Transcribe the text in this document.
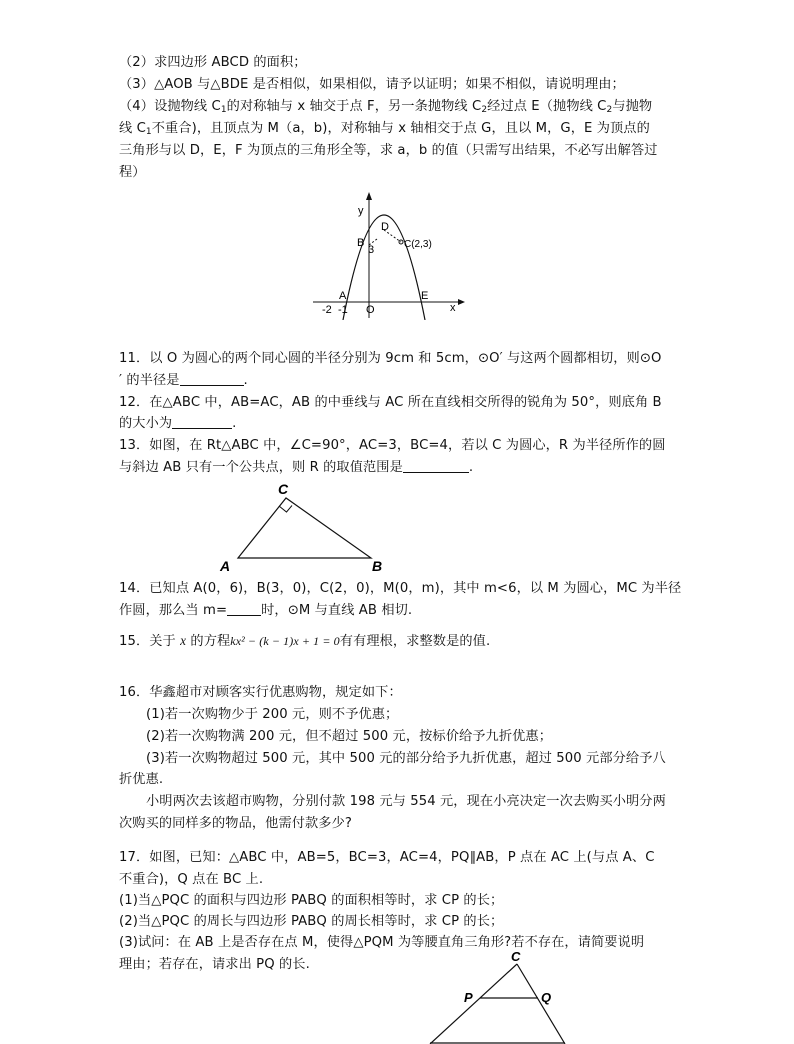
（2）求四边形 ABCD 的面积；
（3）△AOB 与△BDE 是否相似，如果相似，请予以证明；如果不相似，请说明理由；
（4）设抛物线 $C_1$的对称轴与 x 轴交于点 F，另一条抛物线 $C_2$经过点 E（抛物线 $C_2$与抛物
线 $C_1$不重合)，且顶点为 M（a，b)，对称轴与 x 轴相交于点 G，且以 M，G，E 为顶点的
三角形与以 D，E，F 为顶点的三角形全等，求 a，b 的值（只需写出结果，不必写出解答过
程）
y
x
D
B
3	C(2,3)
A
-2 -1 O
E
11．以 O 为圆心的两个同心圆的半径分别为 9cm 和 5cm，⊙O′ 与这两个圆都相切，则⊙O
′ 的半径是	.
12．在△ABC 中，AB=AC，AB 的中垂线与 AC 所在直线相交所得的锐角为 50°，则底角 B
的大小为	.
13．如图，在 Rt△ABC 中，∠C=90°，AC=3，BC=4，若以 C 为圆心，R 为半径所作的圆
与斜边 AB 只有一个公共点，则 R 的取值范围是	.
C
A	B
14．已知点 A(0，6)，B(3，0)，C(2，0)，M(0，m)，其中 m<6，以 M 为圆心，MC 为半径
作圆，那么当 m=	时，⊙M 与直线 AB 相切.
15．关于 x 的方程kx² − (k − 1)x + 1 = 0有有理根，求整数是的值.
16．华鑫超市对顾客实行优惠购物，规定如下：
(1)若一次购物少于 200 元，则不予优惠；
(2)若一次购物满 200 元，但不超过 500 元，按标价给予九折优惠；
(3)若一次购物超过 500 元，其中 500 元的部分给予九折优惠，超过 500 元部分给予八
折优惠.
小明两次去该超市购物，分别付款 198 元与 554 元，现在小亮决定一次去购买小明分两
次购买的同样多的物品，他需付款多少?
17．如图，已知：△ABC 中，AB=5，BC=3，AC=4，PQ∥AB，P 点在 AC 上(与点 A、C
不重合)，Q 点在 BC 上.
(1)当△PQC 的面积与四边形 PABQ 的面积相等时，求 CP 的长；
(2)当△PQC 的周长与四边形 PABQ 的周长相等时，求 CP 的长；
(3)试问：在 AB 上是否存在点 M，使得△PQM 为等腰直角三角形?若不存在，请简要说明
理由；若存在，请求出 PQ 的长.
C
P	Q
